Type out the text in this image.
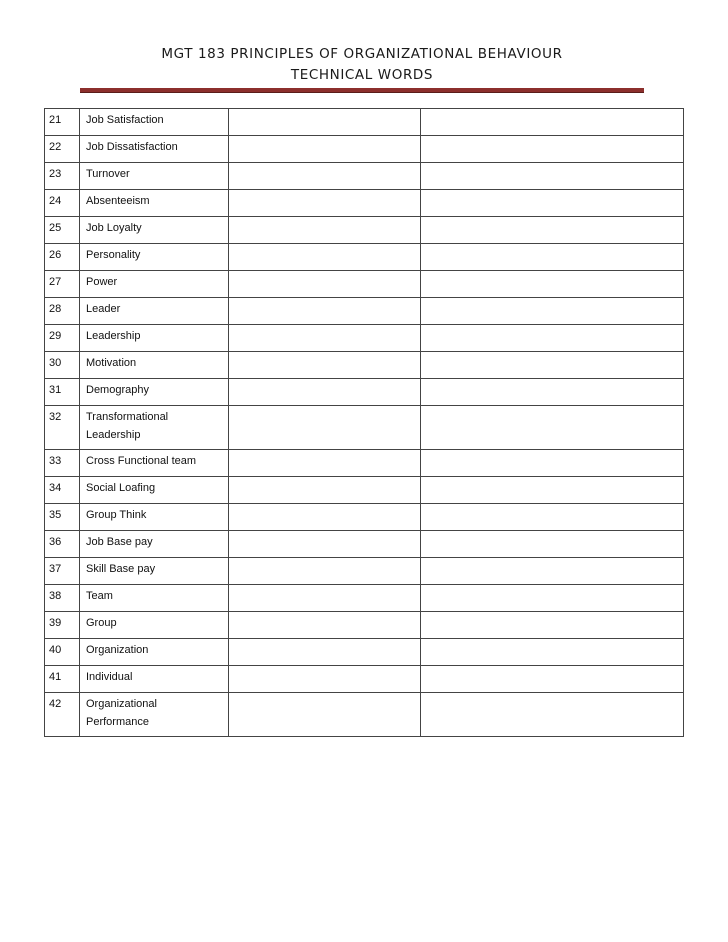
MGT 183 PRINCIPLES OF ORGANIZATIONAL BEHAVIOUR
TECHNICAL WORDS
21	Job Satisfaction		
22	Job Dissatisfaction		
23	Turnover		
24	Absenteeism		
25	Job Loyalty		
26	Personality		
27	Power		
28	Leader		
29	Leadership		
30	Motivation		
31	Demography		
32	Transformational Leadership		
33	Cross Functional team		
34	Social Loafing		
35	Group Think		
36	Job Base pay		
37	Skill Base pay		
38	Team		
39	Group		
40	Organization		
41	Individual		
42	Organizational Performance		
